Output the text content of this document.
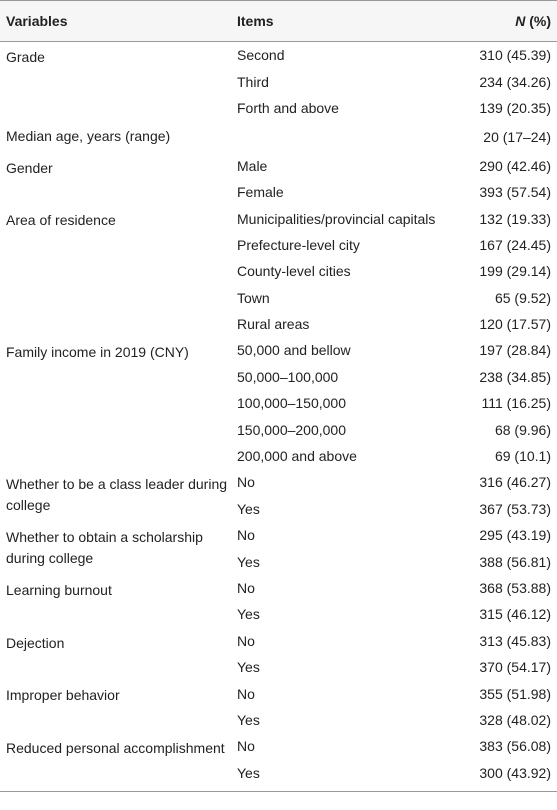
Variables	Items	N (%)
Grade	Second	310 (45.39)
	Third	234 (34.26)
	Forth and above	139 (20.35)
Median age, years (range)		20 (17–24)
Gender	Male	290 (42.46)
	Female	393 (57.54)
Area of residence	Municipalities/provincial capitals	132 (19.33)
	Prefecture-level city	167 (24.45)
	County-level cities	199 (29.14)
	Town	65 (9.52)
	Rural areas	120 (17.57)
Family income in 2019 (CNY)	50,000 and bellow	197 (28.84)
	50,000–100,000	238 (34.85)
	100,000–150,000	111 (16.25)
	150,000–200,000	68 (9.96)
	200,000 and above	69 (10.1)
Whether to be a class leader during college	No	316 (46.27)
	Yes	367 (53.73)
Whether to obtain a scholarship during college	No	295 (43.19)
	Yes	388 (56.81)
Learning burnout	No	368 (53.88)
	Yes	315 (46.12)
Dejection	No	313 (45.83)
	Yes	370 (54.17)
Improper behavior	No	355 (51.98)
	Yes	328 (48.02)
Reduced personal accomplishment	No	383 (56.08)
	Yes	300 (43.92)
